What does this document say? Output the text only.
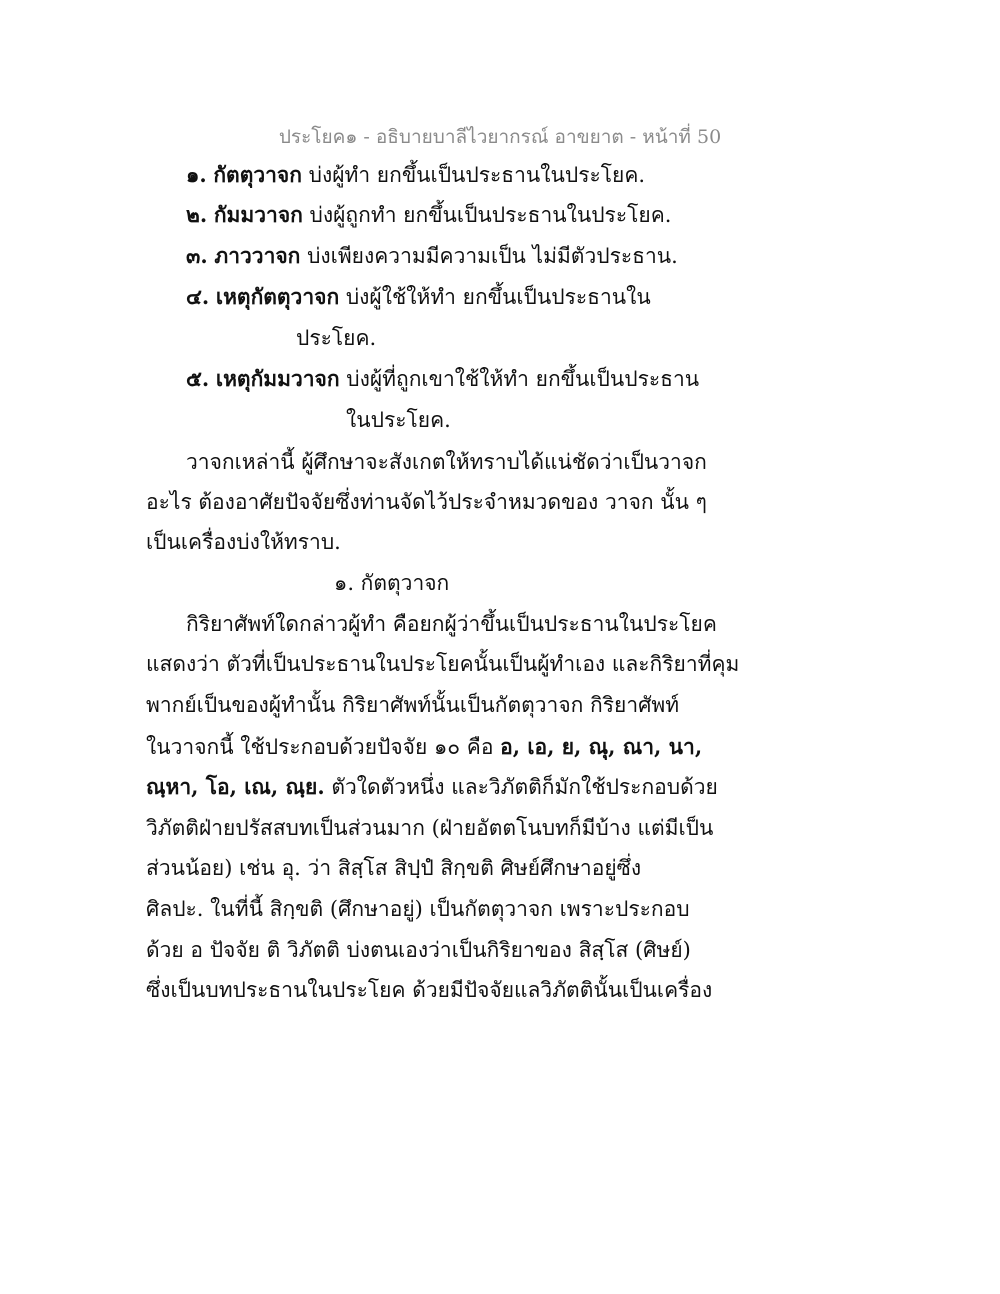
ประโยค๑ - อธิบายบาลีไวยากรณ์ อาขยาต - หน้าที่ 50
๑. กัตตุวาจก บ่งผู้ทำ ยกขึ้นเป็นประธานในประโยค.
๒. กัมมวาจก บ่งผู้ถูกทำ ยกขึ้นเป็นประธานในประโยค.
๓. ภาววาจก บ่งเพียงความมีความเป็น ไม่มีตัวประธาน.
๔. เหตุกัตตุวาจก บ่งผู้ใช้ให้ทำ ยกขึ้นเป็นประธานใน
ประโยค.
๕. เหตุกัมมวาจก บ่งผู้ที่ถูกเขาใช้ให้ทำ ยกขึ้นเป็นประธาน
ในประโยค.
วาจกเหล่านี้ ผู้ศึกษาจะสังเกตให้ทราบได้แน่ชัดว่าเป็นวาจก
อะไร ต้องอาศัยปัจจัยซึ่งท่านจัดไว้ประจำหมวดของ วาจก นั้น ๆ
เป็นเครื่องบ่งให้ทราบ.
๑. กัตตุวาจก
กิริยาศัพท์ใดกล่าวผู้ทำ คือยกผู้ว่าขึ้นเป็นประธานในประโยค
แสดงว่า ตัวที่เป็นประธานในประโยคนั้นเป็นผู้ทำเอง และกิริยาที่คุม
พากย์เป็นของผู้ทำนั้น กิริยาศัพท์นั้นเป็นกัตตุวาจก กิริยาศัพท์
ในวาจกนี้ ใช้ประกอบด้วยปัจจัย ๑๐ คือ อ, เอ, ย, ณุ, ณา, นา,
ณฺหา, โอ, เณ, ณฺย. ตัวใดตัวหนึ่ง และวิภัตติก็มักใช้ประกอบด้วย
วิภัตติฝ่ายปรัสสบทเป็นส่วนมาก (ฝ่ายอัตตโนบทก็มีบ้าง แต่มีเป็น
ส่วนน้อย) เช่น อุ. ว่า สิสฺโส สิปฺปํ สิกฺขติ ศิษย์ศึกษาอยู่ซึ่ง
ศิลปะ. ในที่นี้ สิกฺขติ (ศึกษาอยู่) เป็นกัตตุวาจก เพราะประกอบ
ด้วย อ ปัจจัย ติ วิภัตติ บ่งตนเองว่าเป็นกิริยาของ สิสฺโส (ศิษย์)
ซึ่งเป็นบทประธานในประโยค ด้วยมีปัจจัยแลวิภัตตินั้นเป็นเครื่อง
